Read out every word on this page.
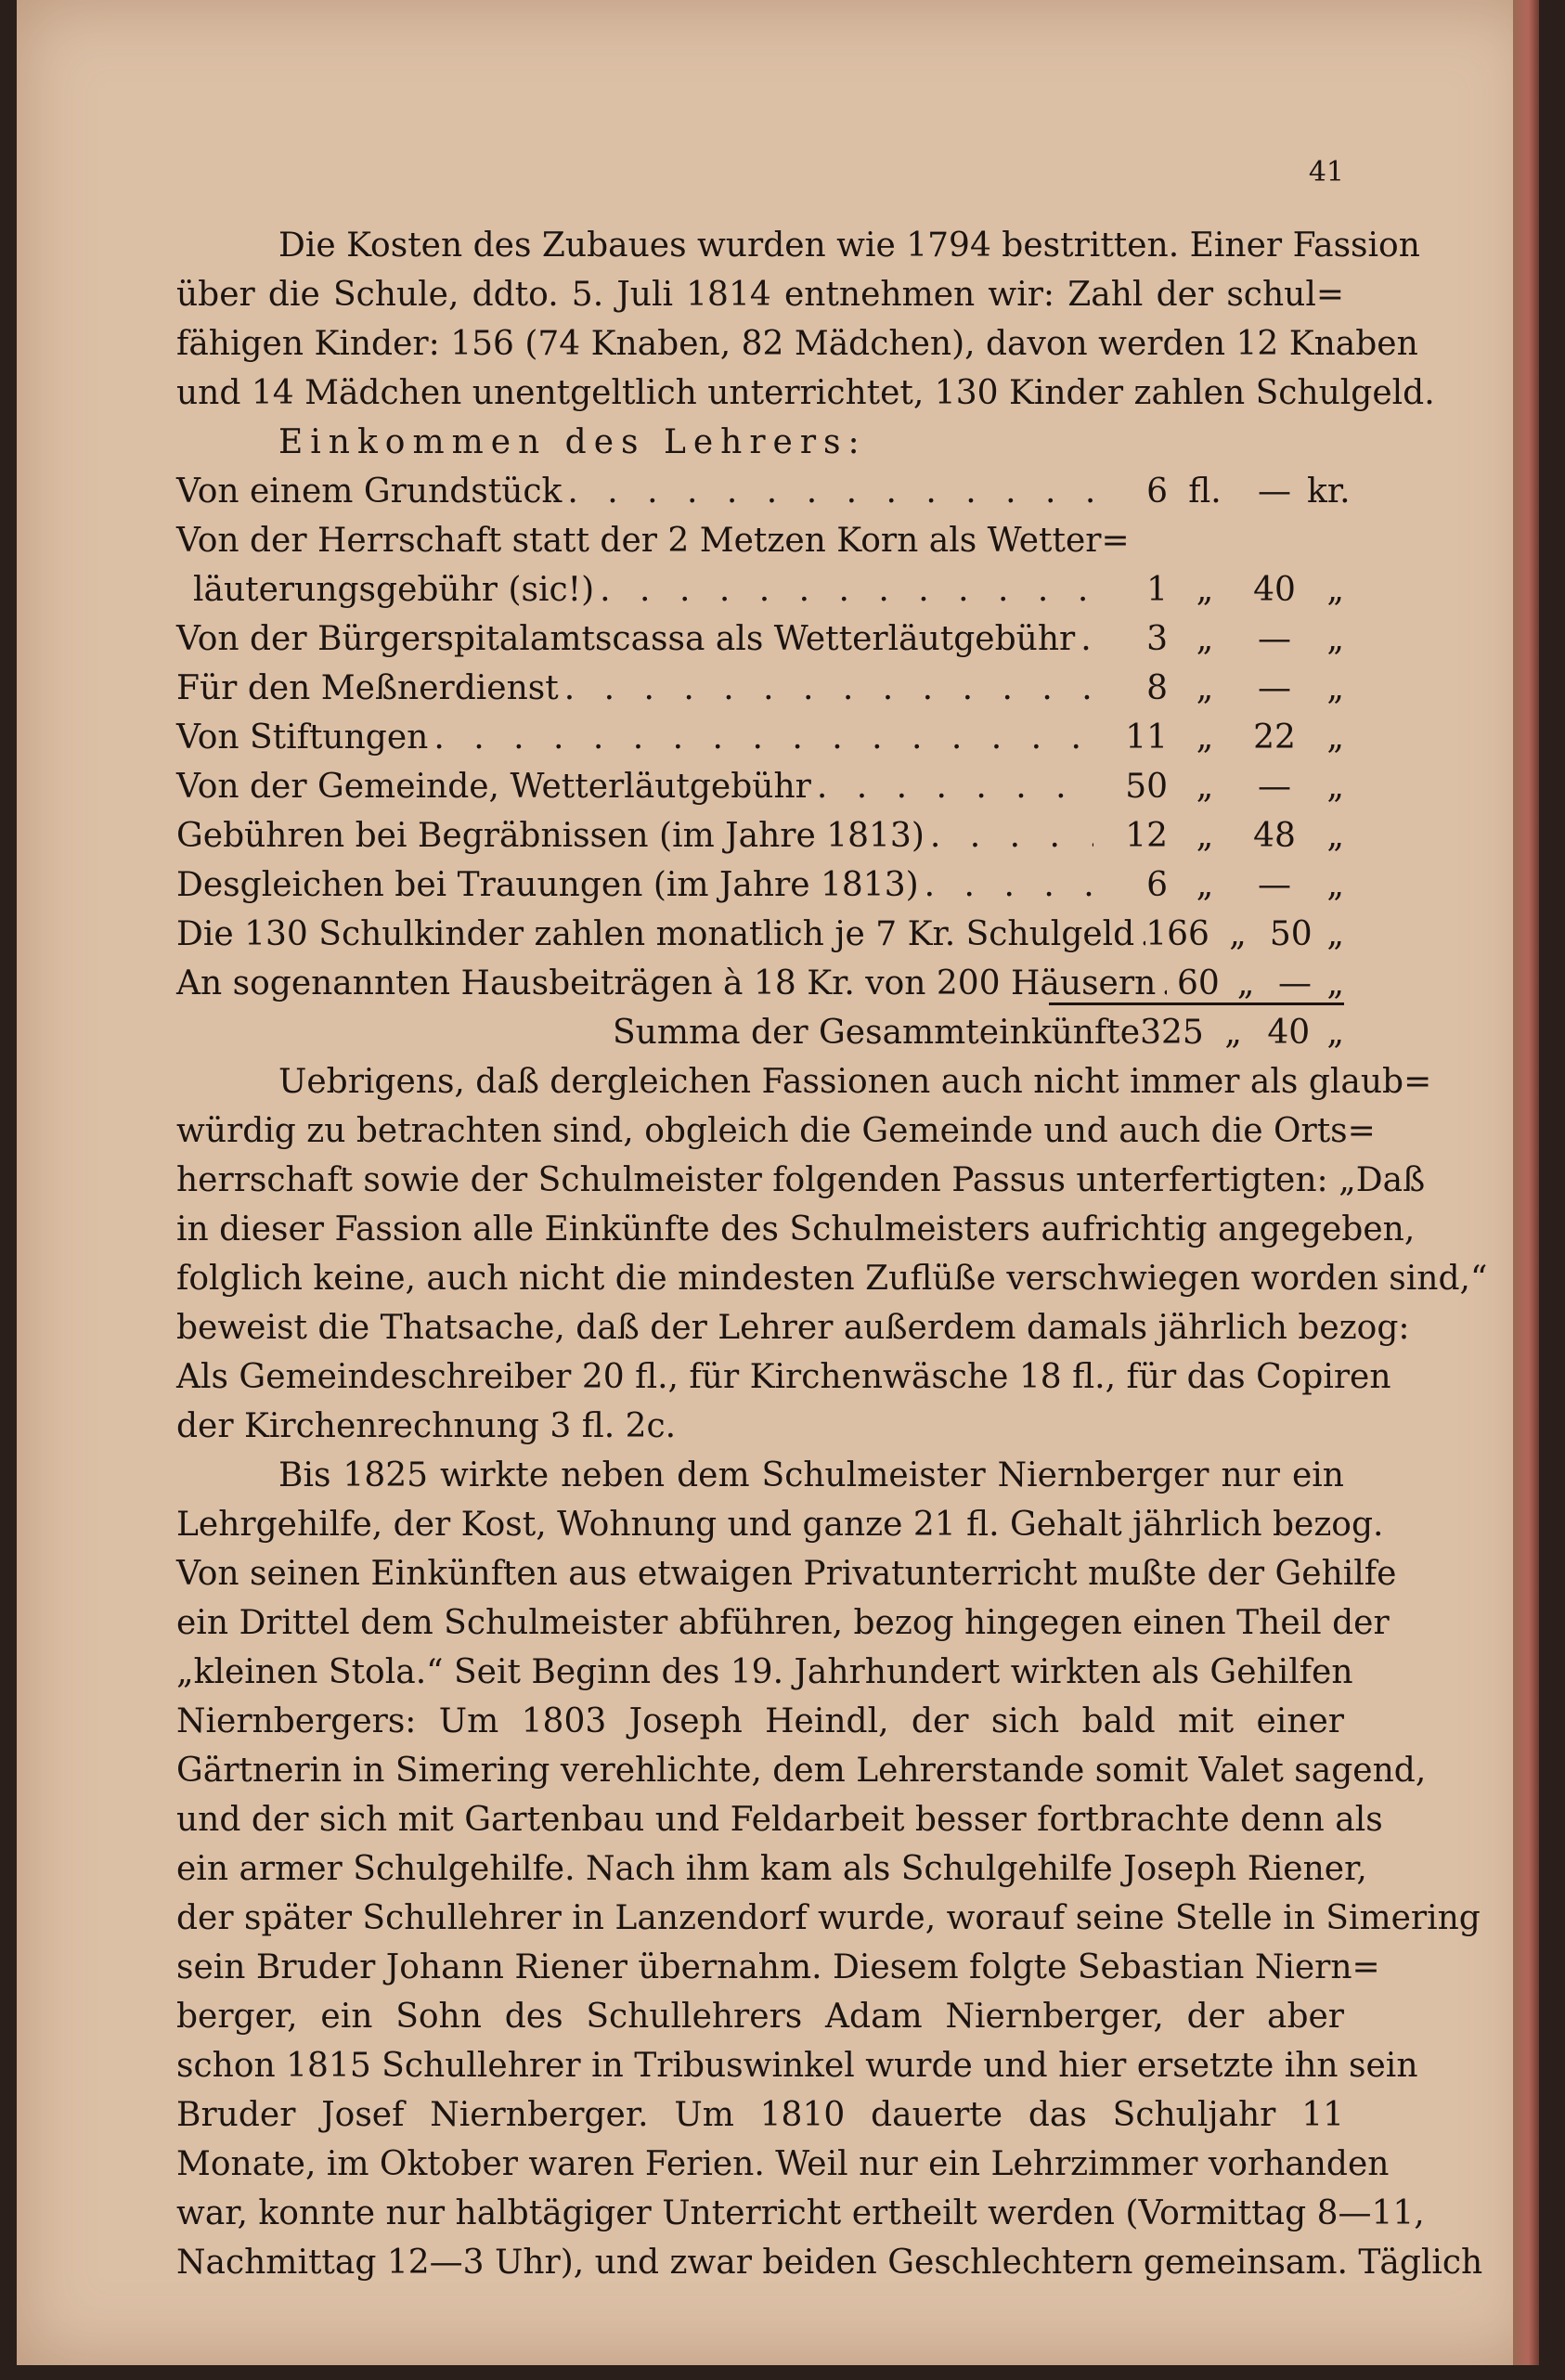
41
Die Kosten des Zubaues wurden wie 1794 bestritten. Einer Fassion
über die Schule, ddto. 5. Juli 1814 entnehmen wir: Zahl der schul=
fähigen Kinder: 156 (74 Knaben, 82 Mädchen), davon werden 12 Knaben
und 14 Mädchen unentgeltlich unterrichtet, 130 Kinder zahlen Schulgeld.
Einkommen des Lehrers:
Von einem Grundstück . . .	6 fl.	— kr.
Von der Herrschaft statt der 2 Metzen Korn als Wetter=
läuterungsgebühr (sic!) . . .	1 „	40 „
Von der Bürgerspitalamtscassa als Wetterläutgebühr . . .	3 „	—	„
Für den Meßnerdienst . . .	8 „	—	„
Von Stiftungen . . .	11 „	22 „
Von der Gemeinde, Wetterläutgebühr . . .	50 „	—	„
Gebühren bei Begräbnissen (im Jahre 1813) . . .	12 „	48 „
Desgleichen bei Trauungen (im Jahre 1813) . . .	6 „	—	„
Die 130 Schulkinder zahlen monatlich je 7 Kr. Schulgeld . . . 166 „ 50 „
An sogenannten Hausbeiträgen à 18 Kr. von 200 Häusern . . . 60 „ — „
Summa der Gesammteinkünfte 325 „ 40 „
Uebrigens, daß dergleichen Fassionen auch nicht immer als glaub=
würdig zu betrachten sind, obgleich die Gemeinde und auch die Orts=
herrschaft sowie der Schulmeister folgenden Passus unterfertigten: „Daß
in dieser Fassion alle Einkünfte des Schulmeisters aufrichtig angegeben,
folglich keine, auch nicht die mindesten Zuflüße verschwiegen worden sind,“
beweist die Thatsache, daß der Lehrer außerdem damals jährlich bezog:
Als Gemeindeschreiber 20 fl., für Kirchenwäsche 18 fl., für das Copiren
der Kirchenrechnung 3 fl. 2c.
Bis 1825 wirkte neben dem Schulmeister Niernberger nur ein
Lehrgehilfe, der Kost, Wohnung und ganze 21 fl. Gehalt jährlich bezog.
Von seinen Einkünften aus etwaigen Privatunterricht mußte der Gehilfe
ein Drittel dem Schulmeister abführen, bezog hingegen einen Theil der
„kleinen Stola.“ Seit Beginn des 19. Jahrhundert wirkten als Gehilfen
Niernbergers: Um 1803 Joseph Heindl, der sich bald mit einer
Gärtnerin in Simering verehlichte, dem Lehrerstande somit Valet sagend,
und der sich mit Gartenbau und Feldarbeit besser fortbrachte denn als
ein armer Schulgehilfe. Nach ihm kam als Schulgehilfe Joseph Riener,
der später Schullehrer in Lanzendorf wurde, worauf seine Stelle in Simering
sein Bruder Johann Riener übernahm. Diesem folgte Sebastian Niern=
berger, ein Sohn des Schullehrers Adam Niernberger, der aber
schon 1815 Schullehrer in Tribuswinkel wurde und hier ersetzte ihn sein
Bruder Josef Niernberger. Um 1810 dauerte das Schuljahr 11
Monate, im Oktober waren Ferien. Weil nur ein Lehrzimmer vorhanden
war, konnte nur halbtägiger Unterricht ertheilt werden (Vormittag 8—11,
Nachmittag 12—3 Uhr), und zwar beiden Geschlechtern gemeinsam. Täglich
